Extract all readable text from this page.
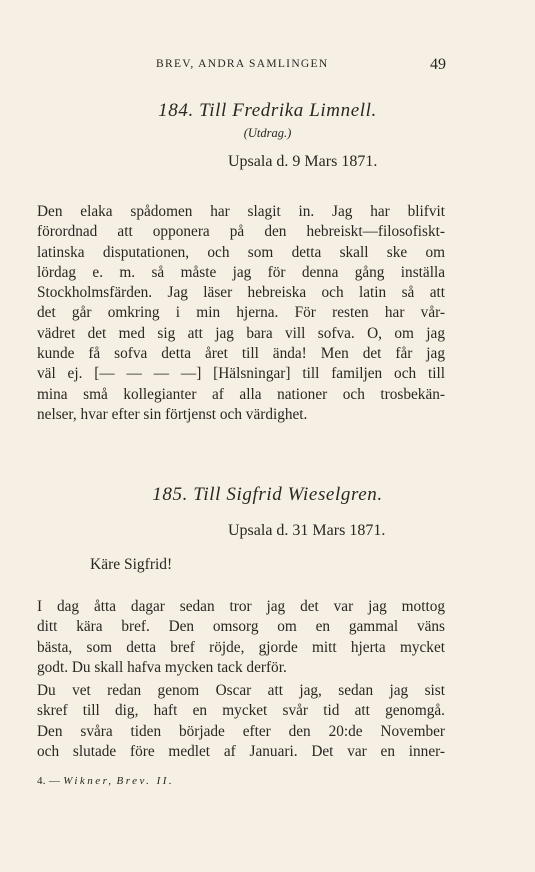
BREV, ANDRA SAMLINGEN	49
184. Till Fredrika Limnell.
(Utdrag.)
Upsala d. 9 Mars 1871.
Den elaka spådomen har slagit in. Jag har blifvit
förordnad att opponera på den hebreiskt—filosofiskt-
latinska disputationen, och som detta skall ske om
lördag e. m. så måste jag för denna gång inställa
Stockholmsfärden. Jag läser hebreiska och latin så att
det går omkring i min hjerna. För resten har vår-
vädret det med sig att jag bara vill sofva. O, om jag
kunde få sofva detta året till ända! Men det får jag
väl ej. [— — — —] [Hälsningar] till familjen och till
mina små kollegianter af alla nationer och trosbekän-
nelser, hvar efter sin förtjenst och värdighet.
185. Till Sigfrid Wieselgren.
Upsala d. 31 Mars 1871.
Käre Sigfrid!
I dag åtta dagar sedan tror jag det var jag mottog
ditt kära bref. Den omsorg om en gammal väns
bästa, som detta bref röjde, gjorde mitt hjerta mycket
godt. Du skall hafva mycken tack derför.
Du vet redan genom Oscar att jag, sedan jag sist
skref till dig, haft en mycket svår tid att genomgå.
Den svåra tiden började efter den 20:de November
och slutade före medlet af Januari. Det var en inner-
4. — Wikner, Brev. II.
